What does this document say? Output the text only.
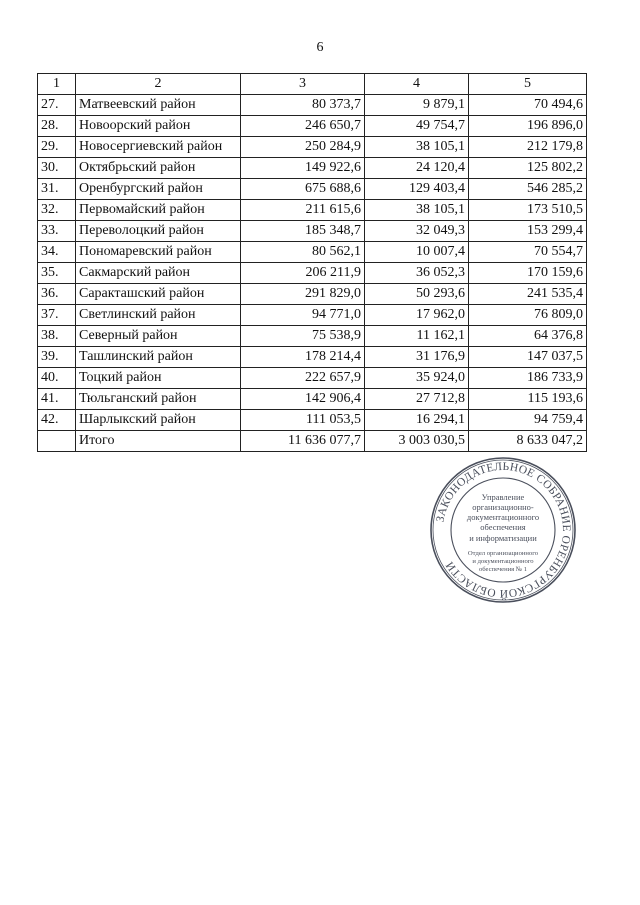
6
1	2	3	4	5
27.	Матвеевский район	80 373,7	9 879,1	70 494,6
28.	Новоорский район	246 650,7	49 754,7	196 896,0
29.	Новосергиевский район	250 284,9	38 105,1	212 179,8
30.	Октябрьский район	149 922,6	24 120,4	125 802,2
31.	Оренбургский район	675 688,6	129 403,4	546 285,2
32.	Первомайский район	211 615,6	38 105,1	173 510,5
33.	Переволоцкий район	185 348,7	32 049,3	153 299,4
34.	Пономаревский район	80 562,1	10 007,4	70 554,7
35.	Сакмарский район	206 211,9	36 052,3	170 159,6
36.	Саракташский район	291 829,0	50 293,6	241 535,4
37.	Светлинский район	94 771,0	17 962,0	76 809,0
38.	Северный район	75 538,9	11 162,1	64 376,8
39.	Ташлинский район	178 214,4	31 176,9	147 037,5
40.	Тоцкий район	222 657,9	35 924,0	186 733,9
41.	Тюльганский район	142 906,4	27 712,8	115 193,6
42.	Шарлыкский район	111 053,5	16 294,1	94 759,4
	Итого	11 636 077,7	3 003 030,5	8 633 047,2
ЗАКОНОДАТЕЛЬНОЕ СОБРАНИЕ ОРЕНБУРГСКОЙ ОБЛАСТИ
Управление
организационно-
документационного
обеспечения
и информатизации
Отдел организационного
и документационного
обеспечения № 1
